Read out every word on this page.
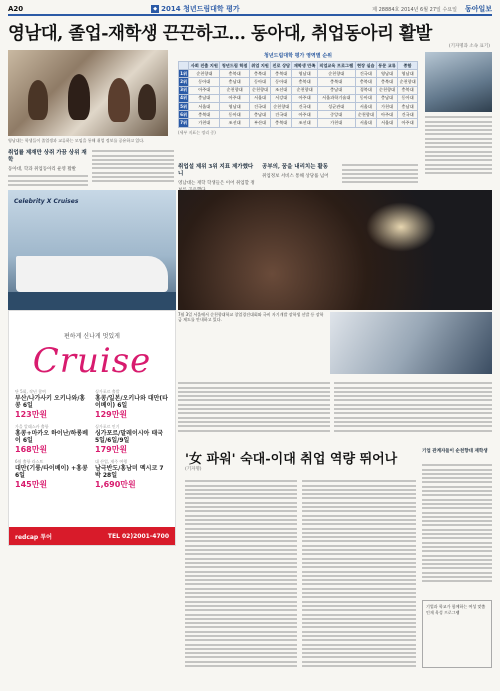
A20	◆ 2014 청년드림대학 평가	제 28884호 2014년 6월 27일 수요일 동아일보
영남대, 졸업-재학생 끈끈하고… 동아대, 취업동아리 활발
(기자명과 소속 표기)
영남대는 학생들이 졸업생과 교류하는 모임을 통해 취업 정보를 공유하고 있다.
청년드림대학 평가 영역별 순위
	사회 진출 지원	청년드림 학점	취업 지원	진로 상담	재학생 만족	직업교육 프로그램	현장 실습	동문 교류	종합
1위	순천향대	충북대	충북대	충북대	영남대	순천향대	건국대	영남대	영남대
2위	동아대	충남대	동아대	동아대	충북대	충북대	충북대	충북대	순천향대
3위	아주대	순천향대	순천향대	조선대	순천향대	충남대	경북대	순천향대	충북대
4위	충남대	아주대	서울대	서강대	아주대	서울과학기술대	동아대	충남대	동아대
5위	서울대	영남대	건국대	순천향대	건국대	성균관대	서울대	가천대	충남대
6위	충북대	동아대	충남대	건국대	아주대	중앙대	순천향대	아주대	건국대
7위	가천대	조선대	부산대	충북대	조선대	가천대	서울대	서울대	아주대
(세부 지표는 정리 중)
취업률 제재만 상쥐 가끔 상위 재학
동아대, 학과 취업동아리 운영 활발	취업설 제위 3위 지표 제가했다니
영남대는 재학 학생들은 이어 취업할 정
공부의, 꿈을 내리치는 활동
취업정보 서비스 통해 상당률 넘어
Celebrity X Cruises
7월 3일 서울에서 순천향대학교 창업경진대회와 국비 자기개발 장학생 선발 등 장학금 제도를 안내하고 있다.
편하게 신나게 멋있게
Cruise
단 5회, 작년 참여
부산/나가사키 오키나와/홍콩 6일
123만원
싱가포르 출발
홍콩/일본/오키나와 대만(타이베이) 6일
129만원
가을 알래스카 출항
홍콩+마카오 하이난/하롱베이 6일
168만원
싱가포르 인기
싱가포르/말레이시아 태국 5일/6일/9일
179만원
6월 출항 라스트
대만(기륭/타이베이) +홍콩 6일
145만원
대 산업, 제주 여행
남극반도/홍남미 멕시코 7박 28일
1,690만원
redcap 투어	TEL 02)2001-4700
'女 파워' 숙대-이대 취업 역량 뛰어나
(기자명)
기업 관계자들이 순천향대 재학생
기업과 학교가 함께하는 여성 맞춤 인재 육성 프로그램
